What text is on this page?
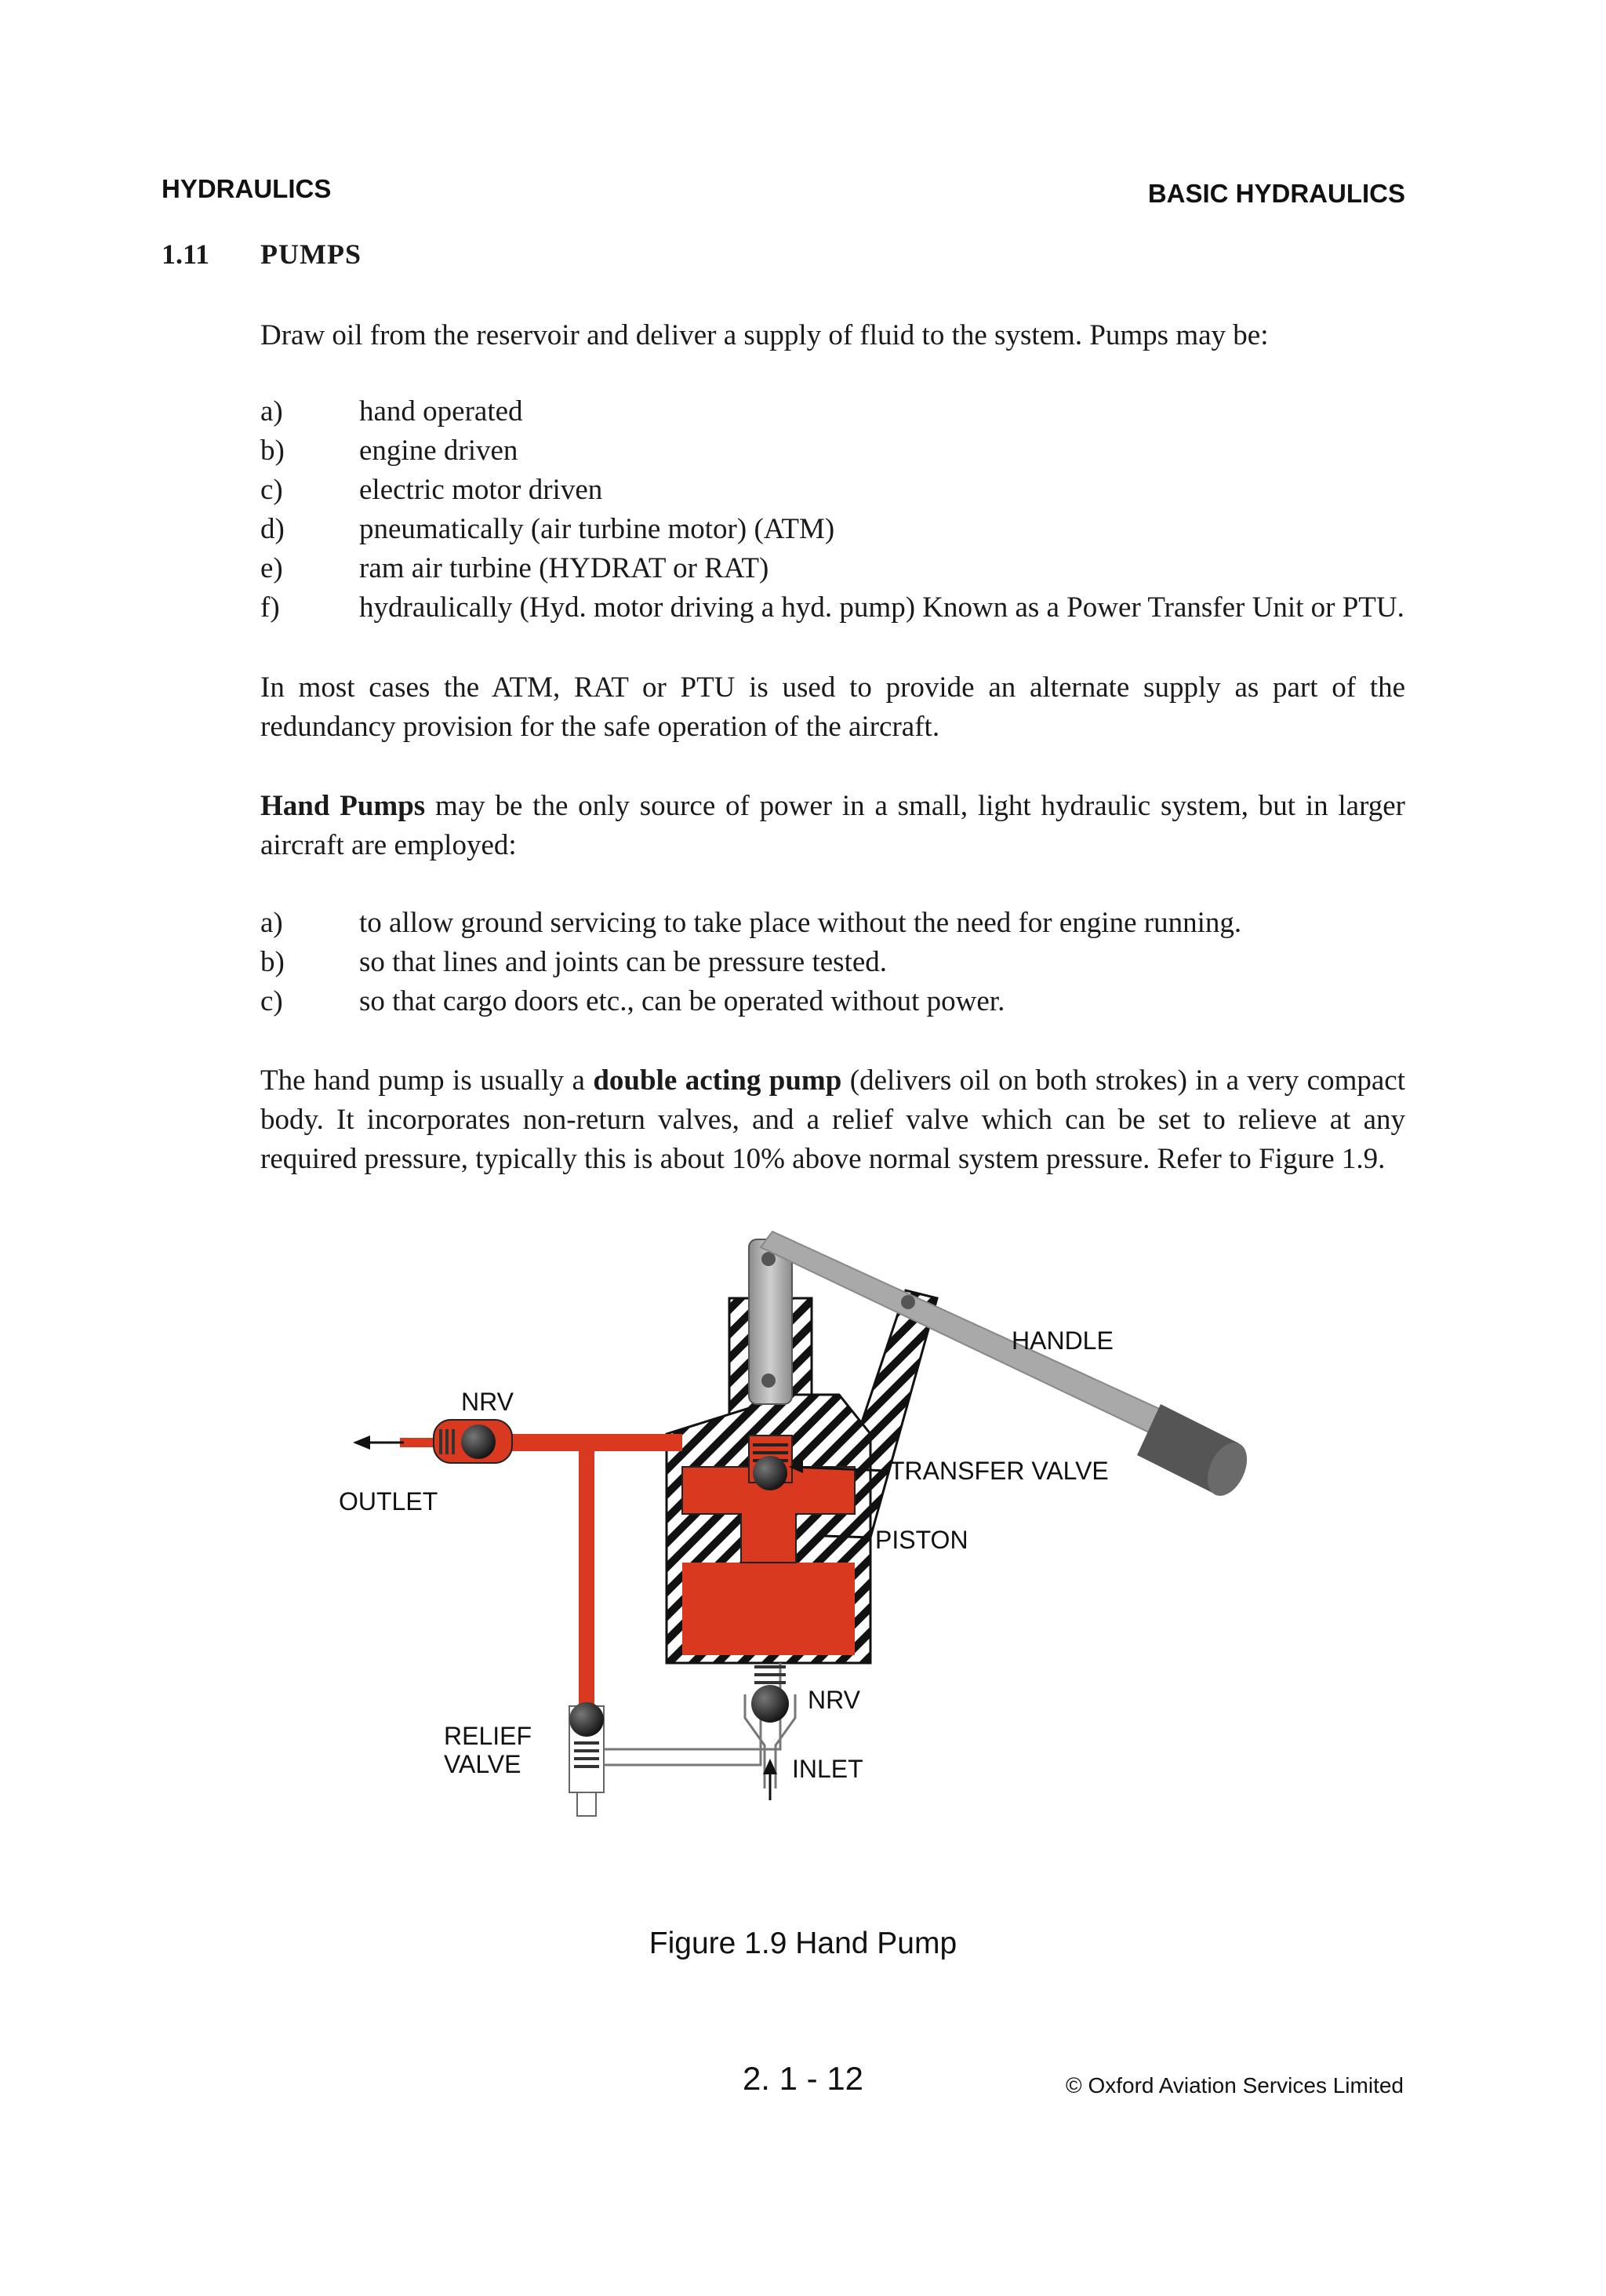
HYDRAULICS	BASIC HYDRAULICS
1.11 PUMPS
Draw oil from the reservoir and deliver a supply of fluid to the system. Pumps may be:
a)	hand operated
b)	engine driven
c)	electric motor driven
d)	pneumatically (air turbine motor) (ATM)
e)	ram air turbine (HYDRAT or RAT)
f)	hydraulically (Hyd. motor driving a hyd. pump) Known as a Power Transfer Unit or PTU.
In most cases the ATM, RAT or PTU is used to provide an alternate supply as part of the redundancy provision for the safe operation of the aircraft.
Hand Pumps may be the only source of power in a small, light hydraulic system, but in larger aircraft are employed:
a)	to allow ground servicing to take place without the need for engine running.
b)	so that lines and joints can be pressure tested.
c)	so that cargo doors etc., can be operated without power.
The hand pump is usually a double acting pump (delivers oil on both strokes) in a very compact body. It incorporates non-return valves, and a relief valve which can be set to relieve at any required pressure, typically this is about 10% above normal system pressure. Refer to Figure 1.9.
HANDLE
NRV
OUTLET
TRANSFER VALVE
PISTON
NRV
RELIEF
VALVE	INLET
Figure 1.9 Hand Pump
2. 1 - 12	© Oxford Aviation Services Limited
